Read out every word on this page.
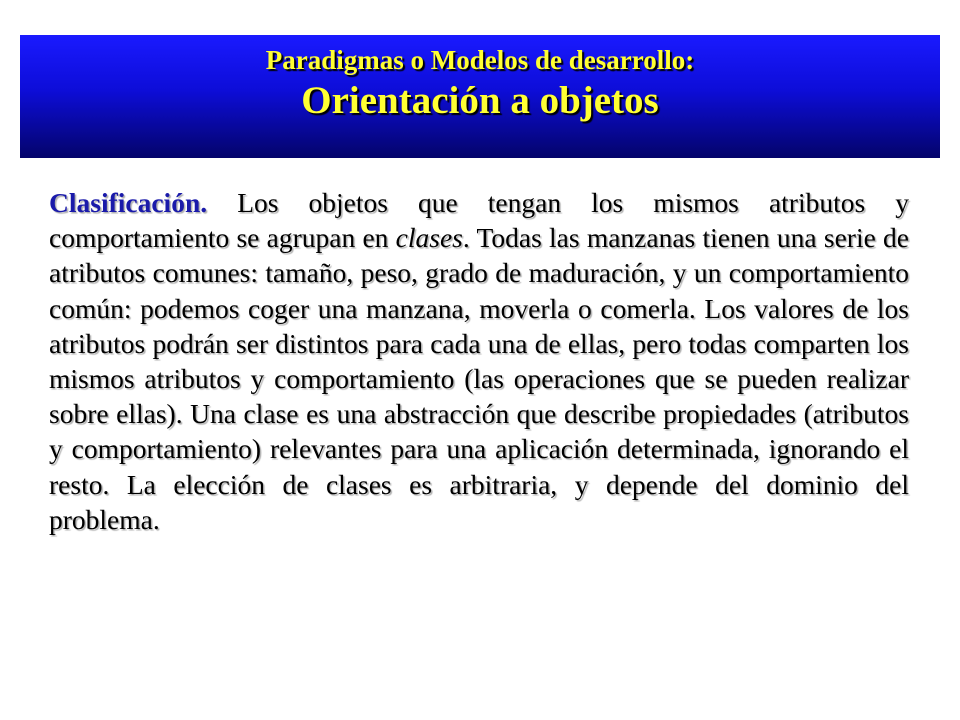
Paradigmas o Modelos de desarrollo:
Orientación a objetos

Clasificación. Los objetos que tengan los mismos atributos y comportamiento se agrupan en clases. Todas las manzanas tienen una serie de atributos comunes: tamaño, peso, grado de maduración, y un comportamiento común: podemos coger una manzana, moverla o comerla. Los valores de los atributos podrán ser distintos para cada una de ellas, pero todas comparten los mismos atributos y comportamiento (las operaciones que se pueden realizar sobre ellas). Una clase es una abstracción que describe propiedades (atributos y comportamiento) relevantes para una aplicación determinada, ignorando el resto. La elección de clases es arbitraria, y depende del dominio del problema.
